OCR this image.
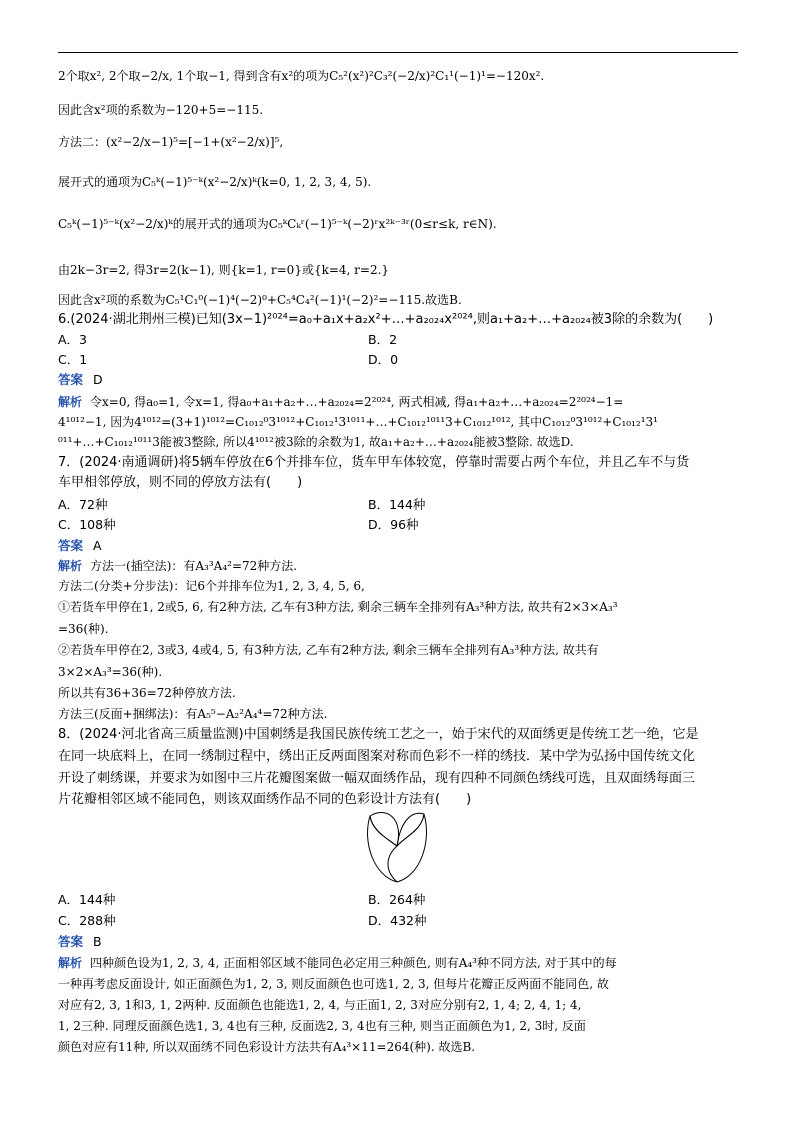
2个取x², 2个取−2/x, 1个取−1, 得到含有x²的项为C₅²(x²)²C₃²(−2/x)²C₁¹(−1)¹=−120x².
因此含x²项的系数为−120+5=−115.
方法二：(x²−2/x−1)⁵=[−1+(x²−2/x)]⁵,
展开式的通项为C₅ᵏ(−1)⁵⁻ᵏ(x²−2/x)ᵏ(k=0, 1, 2, 3, 4, 5).
C₅ᵏ(−1)⁵⁻ᵏ(x²−2/x)ᵏ的展开式的通项为C₅ᵏCₖʳ(−1)⁵⁻ᵏ(−2)ʳx²ᵏ⁻³ʳ(0≤r≤k, r∈N).
由2k−3r=2, 得3r=2(k−1), 则{k=1, r=0}或{k=4, r=2.}
因此含x²项的系数为C₅¹C₁⁰(−1)⁴(−2)⁰+C₅⁴C₄²(−1)¹(−2)²=−115.故选B.
6.(2024·湖北荆州三模)已知(3x−1)²⁰²⁴=a₀+a₁x+a₂x²+…+a₂₀₂₄x²⁰²⁴,则a₁+a₂+…+a₂₀₂₄被3除的余数为(　　)
A．3	B．2
C．1	D．0
答案 D
解析 令x=0, 得a₀=1, 令x=1, 得a₀+a₁+a₂+…+a₂₀₂₄=2²⁰²⁴, 两式相减, 得a₁+a₂+…+a₂₀₂₄=2²⁰²⁴−1=
4¹⁰¹²−1, 因为4¹⁰¹²=(3+1)¹⁰¹²=C₁₀₁₂⁰3¹⁰¹²+C₁₀₁₂¹3¹⁰¹¹+…+C₁₀₁₂¹⁰¹¹3+C₁₀₁₂¹⁰¹², 其中C₁₀₁₂⁰3¹⁰¹²+C₁₀₁₂¹3¹
⁰¹¹+…+C₁₀₁₂¹⁰¹¹3能被3整除, 所以4¹⁰¹²被3除的余数为1, 故a₁+a₂+…+a₂₀₂₄能被3整除. 故选D.
7．(2024·南通调研)将5辆车停放在6个并排车位，货车甲车体较宽，停靠时需要占两个车位，并且乙车不与货
车甲相邻停放，则不同的停放方法有(　　)
A．72种	B．144种
C．108种	D．96种
答案 A
解析 方法一(插空法)：有A₃³A₄²=72种方法.
方法二(分类+分步法)：记6个并排车位为1, 2, 3, 4, 5, 6,
①若货车甲停在1, 2或5, 6, 有2种方法, 乙车有3种方法, 剩余三辆车全排列有A₃³种方法, 故共有2×3×A₃³
=36(种).
②若货车甲停在2, 3或3, 4或4, 5, 有3种方法, 乙车有2种方法, 剩余三辆车全排列有A₃³种方法, 故共有
3×2×A₃³=36(种).
所以共有36+36=72种停放方法.
方法三(反面+捆绑法)：有A₅⁵−A₂²A₄⁴=72种方法.
8．(2024·河北省高三质量监测)中国刺绣是我国民族传统工艺之一，始于宋代的双面绣更是传统工艺一绝，它是
在同一块底料上，在同一绣制过程中，绣出正反两面图案对称而色彩不一样的绣技．某中学为弘扬中国传统文化
开设了刺绣课，并要求为如图中三片花瓣图案做一幅双面绣作品，现有四种不同颜色绣线可选，且双面绣每面三
片花瓣相邻区域不能同色，则该双面绣作品不同的色彩设计方法有(　　)
A．144种	B．264种
C．288种	D．432种
答案 B
解析 四种颜色设为1, 2, 3, 4, 正面相邻区域不能同色必定用三种颜色, 则有A₄³种不同方法, 对于其中的每
一种再考虑反面设计, 如正面颜色为1, 2, 3, 则反面颜色也可选1, 2, 3, 但每片花瓣正反两面不能同色, 故
对应有2, 3, 1和3, 1, 2两种. 反面颜色也能选1, 2, 4, 与正面1, 2, 3对应分别有2, 1, 4; 2, 4, 1; 4,
1, 2三种. 同理反面颜色选1, 3, 4也有三种, 反面选2, 3, 4也有三种, 则当正面颜色为1, 2, 3时, 反面
颜色对应有11种, 所以双面绣不同色彩设计方法共有A₄³×11=264(种). 故选B.
